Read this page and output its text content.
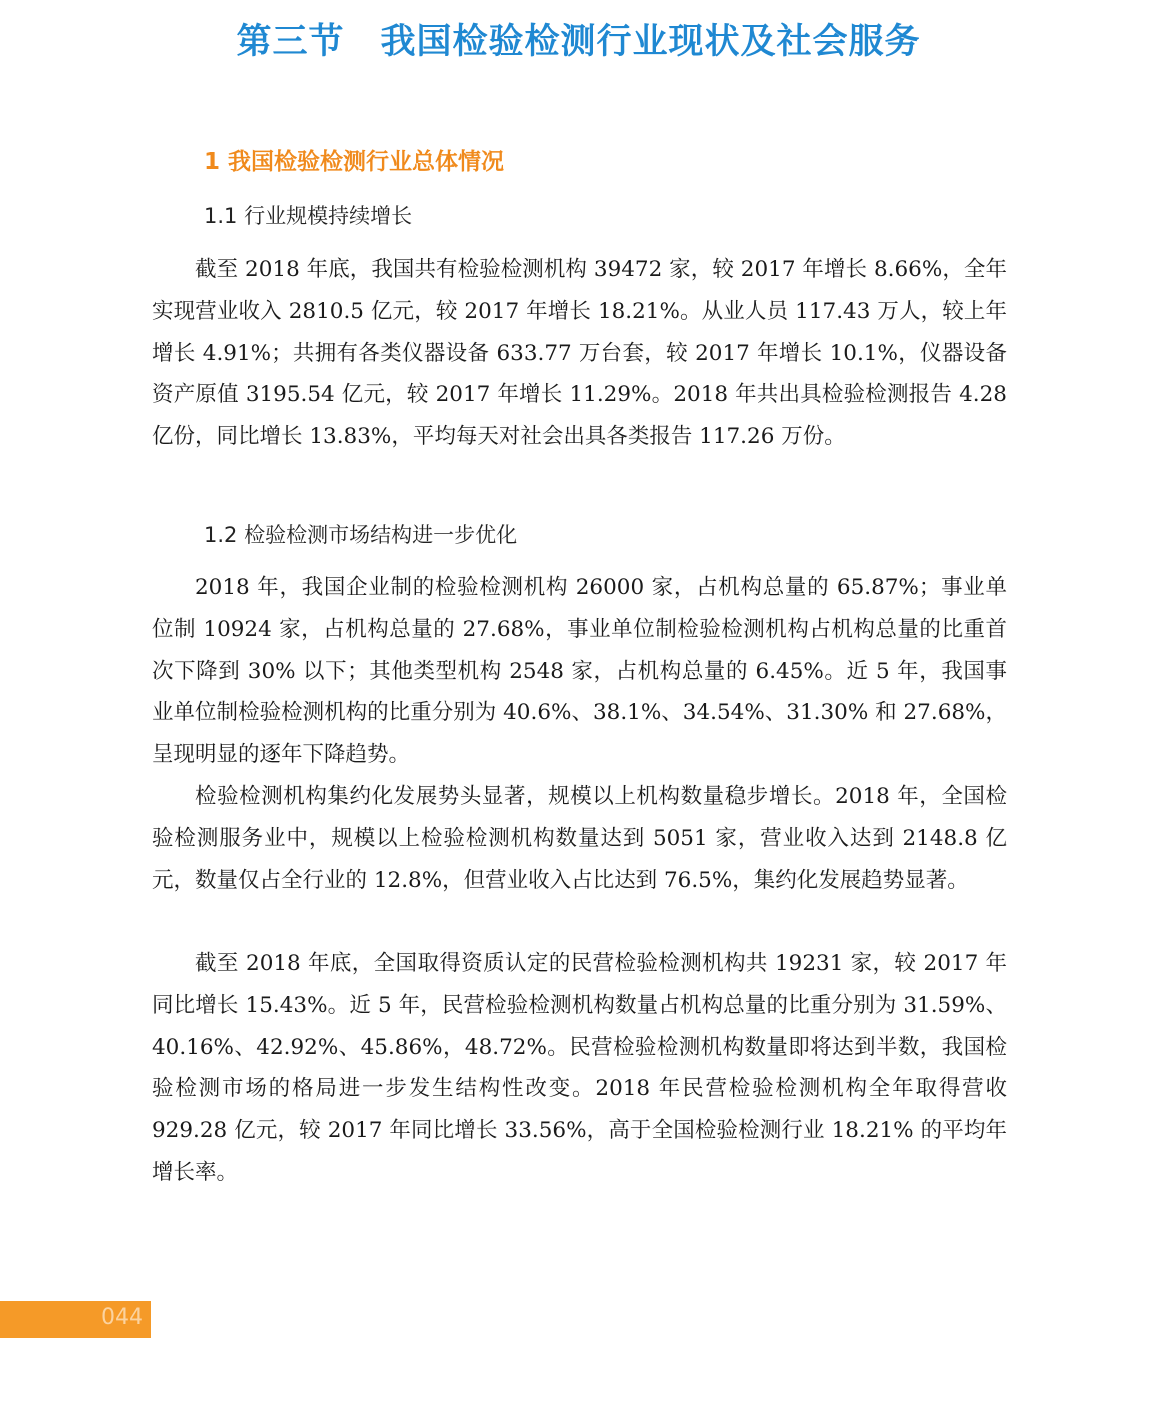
第三节　我国检验检测行业现状及社会服务
1 我国检验检测行业总体情况
1.1 行业规模持续增长

截至 2018 年底，我国共有检验检测机构 39472 家，较 2017 年增长 8.66%，全年实现营业收入 2810.5 亿元，较 2017 年增长 18.21%。从业人员 117.43 万人，较上年增长 4.91%；共拥有各类仪器设备 633.77 万台套，较 2017 年增长 10.1%，仪器设备资产原值 3195.54 亿元，较 2017 年增长 11.29%。2018 年共出具检验检测报告 4.28 亿份，同比增长 13.83%，平均每天对社会出具各类报告 117.26 万份。

1.2 检验检测市场结构进一步优化

2018 年，我国企业制的检验检测机构 26000 家，占机构总量的 65.87%；事业单位制 10924 家，占机构总量的 27.68%，事业单位制检验检测机构占机构总量的比重首次下降到 30% 以下；其他类型机构 2548 家，占机构总量的 6.45%。近 5 年，我国事业单位制检验检测机构的比重分别为 40.6%、38.1%、34.54%、31.30% 和 27.68%，呈现明显的逐年下降趋势。

检验检测机构集约化发展势头显著，规模以上机构数量稳步增长。2018 年，全国检验检测服务业中，规模以上检验检测机构数量达到 5051 家，营业收入达到 2148.8 亿元，数量仅占全行业的 12.8%，但营业收入占比达到 76.5%，集约化发展趋势显著。

截至 2018 年底，全国取得资质认定的民营检验检测机构共 19231 家，较 2017 年同比增长 15.43%。近 5 年，民营检验检测机构数量占机构总量的比重分别为 31.59%、40.16%、42.92%、45.86%，48.72%。民营检验检测机构数量即将达到半数，我国检验检测市场的格局进一步发生结构性改变。2018 年民营检验检测机构全年取得营收 929.28 亿元，较 2017 年同比增长 33.56%，高于全国检验检测行业 18.21% 的平均年增长率。

044
